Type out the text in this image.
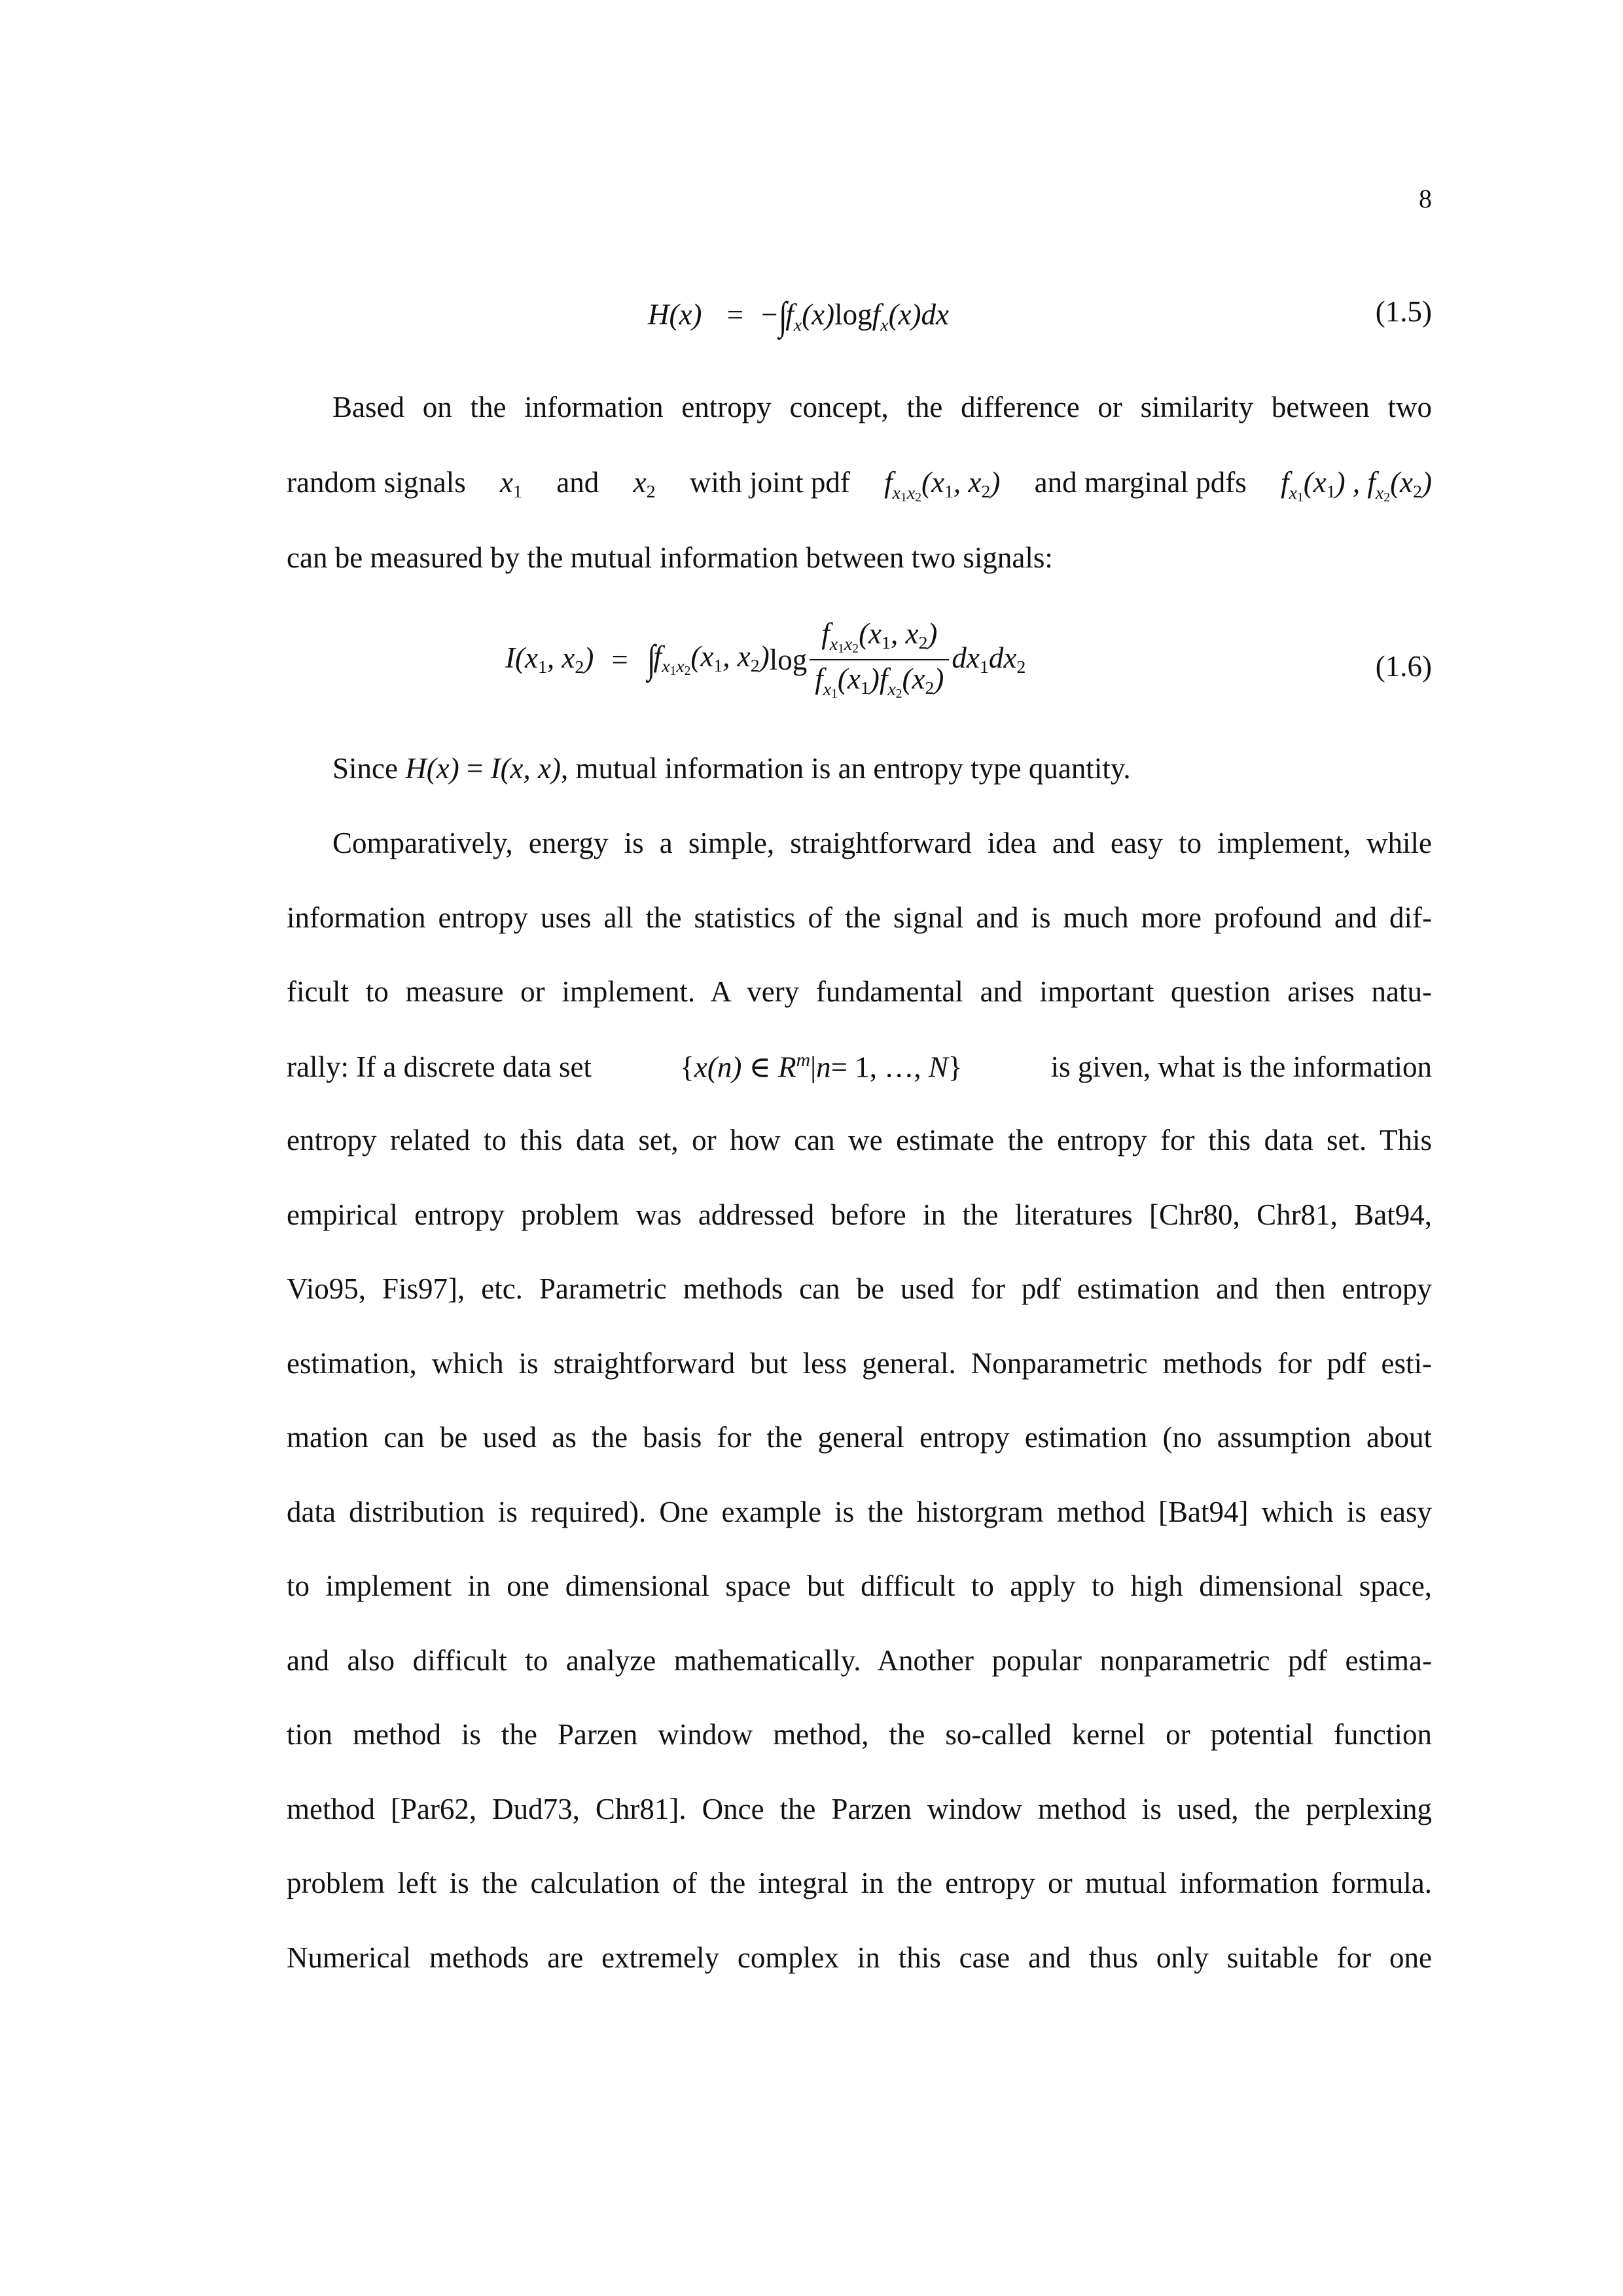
8
$H(x) = -\int f_x(x)\log f_x(x)dx$	(1.5)
Based on the information entropy concept, the difference or similarity between two
random signals x1 and x2 with joint pdf $f_{x1x2}(x1$, x2) and marginal pdfs $f_{x1}(x1)$ , $f_{x2}(x2)$
can be measured by the mutual information between two signals:
I(x1, x2) = ∫
$f_{x1x2}(x1$, x2) $\log \frac{f_{x1x2}(x1, x2)}{f_{x1}(x1)f_{x2}(x2)} dx1dx2$	(1.6)
Since H(x) = I(x, x), mutual information is an entropy type quantity.
Comparatively, energy is a simple, straightforward idea and easy to implement, while
information entropy uses all the statistics of the signal and is much more profound and dif-
ficult to measure or implement. A very fundamental and important question arises natu-
rally: If a discrete data set	{x(n) ∈ $R^m|n= 1$, …, N}	is given, what is the information
entropy related to this data set, or how can we estimate the entropy for this data set. This
empirical entropy problem was addressed before in the literatures [Chr80, Chr81, Bat94,
Vio95, Fis97], etc. Parametric methods can be used for pdf estimation and then entropy
estimation, which is straightforward but less general. Nonparametric methods for pdf esti-
mation can be used as the basis for the general entropy estimation (no assumption about
data distribution is required). One example is the historgram method [Bat94] which is easy
to implement in one dimensional space but difficult to apply to high dimensional space,
and also difficult to analyze mathematically. Another popular nonparametric pdf estima-
tion method is the Parzen window method, the so-called kernel or potential function
method [Par62, Dud73, Chr81]. Once the Parzen window method is used, the perplexing
problem left is the calculation of the integral in the entropy or mutual information formula.
Numerical methods are extremely complex in this case and thus only suitable for one
